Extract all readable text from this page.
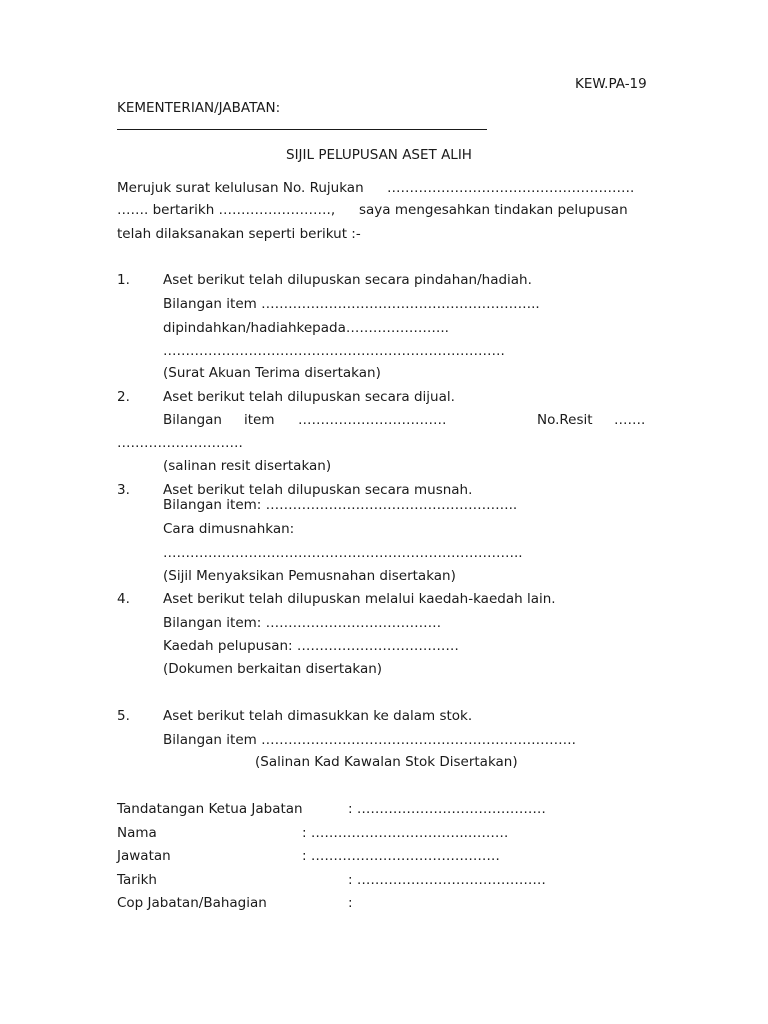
KEW.PA-19
KEMENTERIAN/JABATAN:
SIJIL PELUPUSAN ASET ALIH
Merujuk surat kelulusan No. Rujukan ……………………………………………….
……. bertarikh ……………………., saya mengesahkan tindakan pelupusan
telah dilaksanakan seperti berikut :-
1. Aset berikut telah dilupuskan secara pindahan/hadiah.
Bilangan item ……………………………………………………..
dipindahkan/hadiahkepada…………………..
………………………………………………………………….
(Surat Akuan Terima disertakan)
2. Aset berikut telah dilupuskan secara dijual.
Bilangan item ……………………………	No.Resit …….
……………………….
(salinan resit disertakan)
3. Aset berikut telah dilupuskan secara musnah.
Bilangan item: ………………………………………………..
Cara dimusnahkan:
……………………………………………………………………..
(Sijil Menyaksikan Pemusnahan disertakan)
4. Aset berikut telah dilupuskan melalui kaedah-kaedah lain.
Bilangan item: …………………………………
Kaedah pelupusan: ………………………………
(Dokumen berkaitan disertakan)
5. Aset berikut telah dimasukkan ke dalam stok.
Bilangan item …………………………………………………………….
(Salinan Kad Kawalan Stok Disertakan)
Tandatangan Ketua Jabatan	: ……………………………………
Nama	: ……………………………..………
Jawatan	: ……………………………………
Tarikh	: ……………………………………
Cop Jabatan/Bahagian	:
